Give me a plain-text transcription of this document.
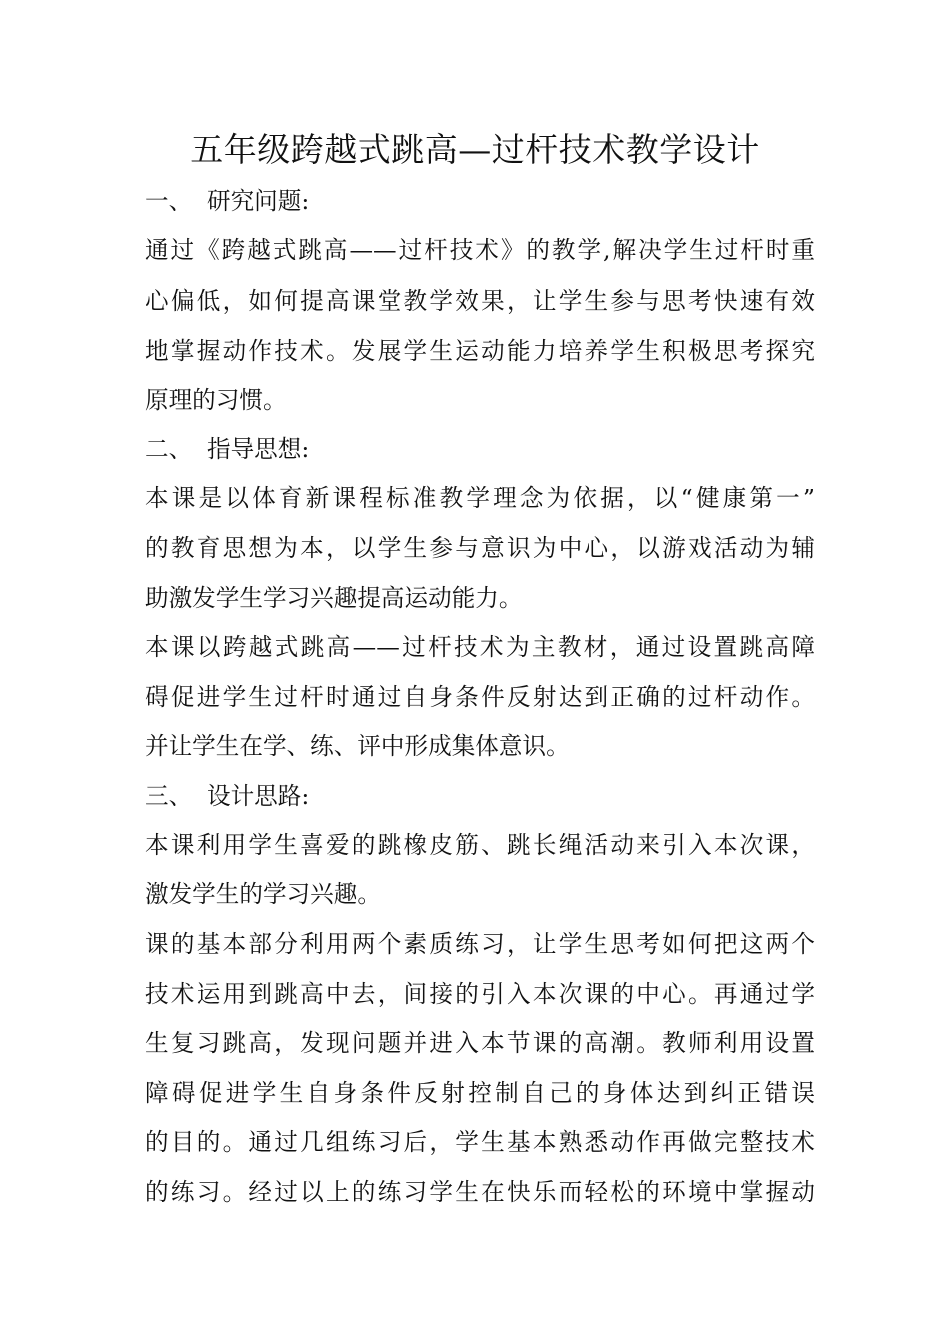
五年级跨越式跳高—过杆技术教学设计
一、 研究问题:
通过《跨越式跳高——过杆技术》的教学,解决学生过杆时重
心偏低，如何提高课堂教学效果，让学生参与思考快速有效
地掌握动作技术。发展学生运动能力培养学生积极思考探究
原理的习惯。
二、 指导思想:
本课是以体育新课程标准教学理念为依据，以“健康第一”
的教育思想为本，以学生参与意识为中心，以游戏活动为辅
助激发学生学习兴趣提高运动能力。
本课以跨越式跳高——过杆技术为主教材，通过设置跳高障
碍促进学生过杆时通过自身条件反射达到正确的过杆动作。
并让学生在学、练、评中形成集体意识。
三、 设计思路:
本课利用学生喜爱的跳橡皮筋、跳长绳活动来引入本次课，
激发学生的学习兴趣。
课的基本部分利用两个素质练习，让学生思考如何把这两个
技术运用到跳高中去，间接的引入本次课的中心。再通过学
生复习跳高，发现问题并进入本节课的高潮。教师利用设置
障碍促进学生自身条件反射控制自己的身体达到纠正错误
的目的。通过几组练习后，学生基本熟悉动作再做完整技术
的练习。经过以上的练习学生在快乐而轻松的环境中掌握动
